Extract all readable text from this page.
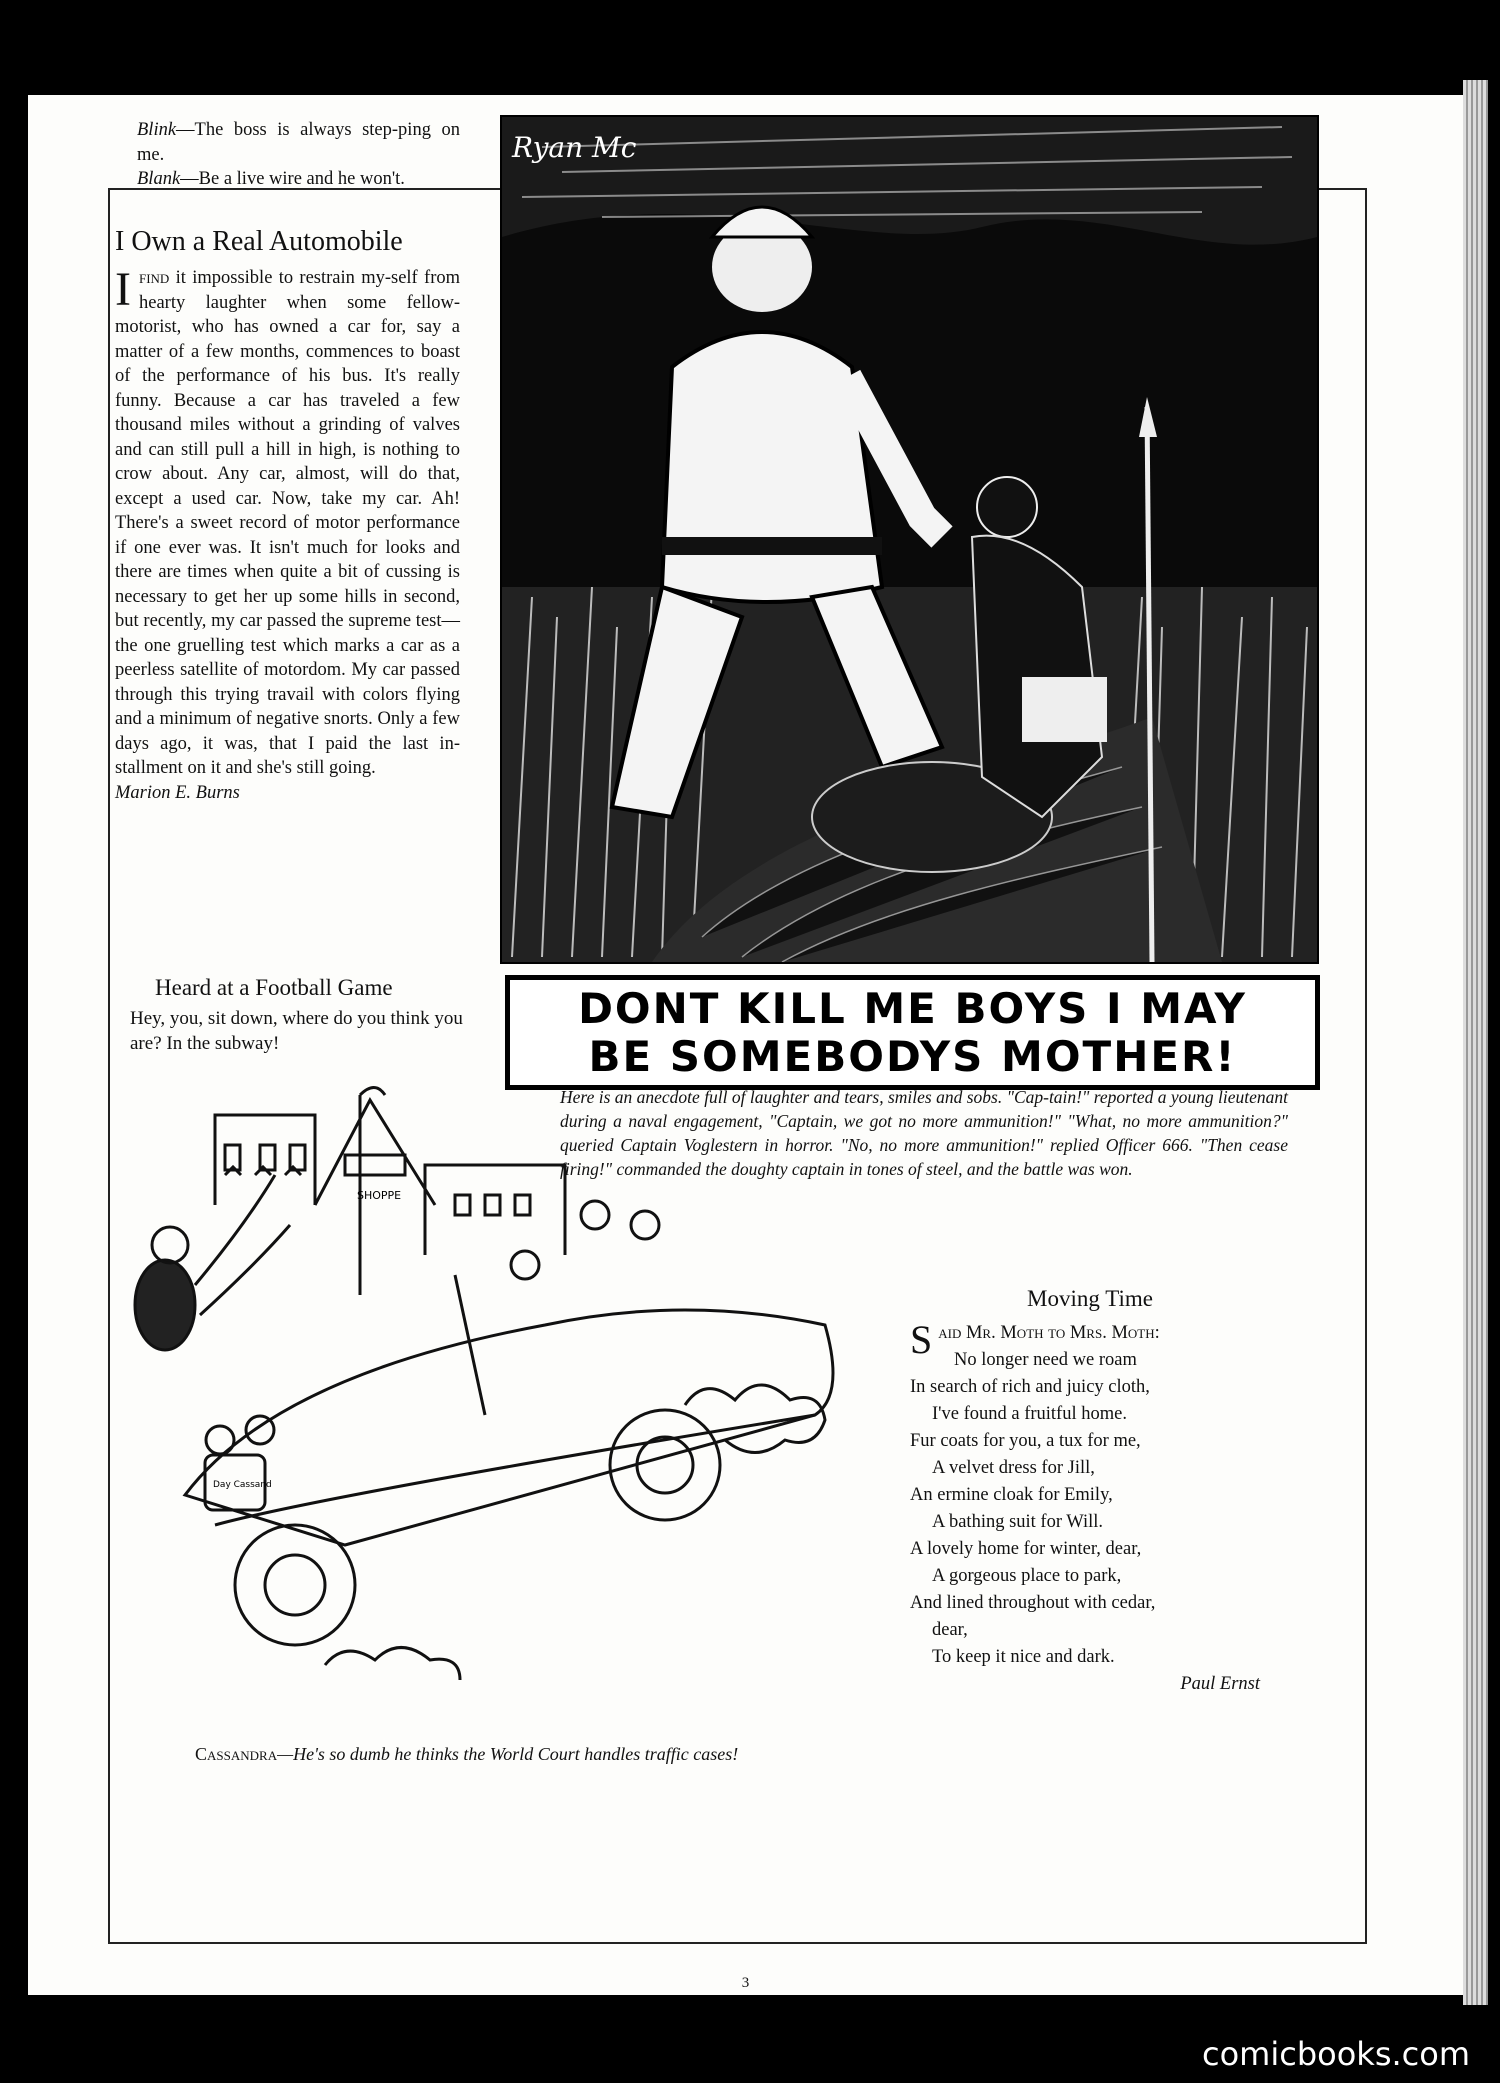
Blink—The boss is always step-ping on me.

Blank—Be a live wire and he won't.

I Own a Real Automobile

Ifind it impossible to restrain my-self from hearty laughter when some fellow-motorist, who has owned a car for, say a matter of a few months, commences to boast of the performance of his bus. It's really funny. Because a car has traveled a few thousand miles without a grinding of valves and can still pull a hill in high, is nothing to crow about. Any car, almost, will do that, except a used car. Now, take my car. Ah! There's a sweet record of motor performance if one ever was. It isn't much for looks and there are times when quite a bit of cussing is necessary to get her up some hills in second, but recently, my car passed the supreme test—the one gruelling test which marks a car as a peerless satellite of motordom. My car passed through this trying travail with colors flying and a minimum of negative snorts. Only a few days ago, it was, that I paid the last in-stallment on it and she's still going.

Marion E. Burns

Heard at a Football Game

Hey, you, sit down, where do you think you are? In the subway!

Ryan Mc
DONT KILL ME BOYS I MAY
BE SOMEBODYS MOTHER!
Here is an anecdote full of laughter and tears, smiles and sobs. "Cap-tain!" reported a young lieutenant during a naval engagement, "Captain, we got no more ammunition!" "What, no more ammunition?" queried Captain Voglestern in horror. "No, no more ammunition!" replied Officer 666. "Then cease firing!" commanded the doughty captain in tones of steel, and the battle was won.
SHOPPE
Day Cassand
Cassandra—He's so dumb he thinks the World Court handles traffic cases!
Moving Time

Said Mr. Moth to Mrs. Moth:

No longer need we roam

In search of rich and juicy cloth,

I've found a fruitful home.

Fur coats for you, a tux for me,

A velvet dress for Jill,

An ermine cloak for Emily,

A bathing suit for Will.

A lovely home for winter, dear,

A gorgeous place to park,

And lined throughout with cedar,

dear,

To keep it nice and dark.

Paul Ernst

3
comicbooks.com
